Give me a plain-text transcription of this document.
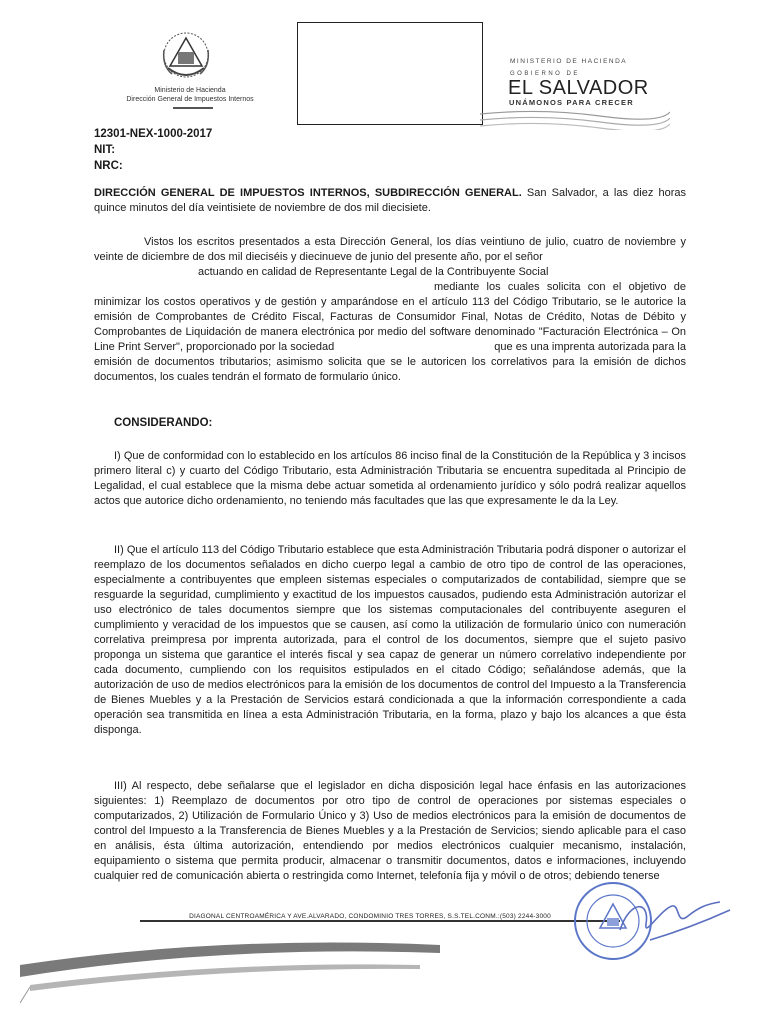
Ministerio de Hacienda
Dirección General de Impuestos Internos
MINISTERIO DE HACIENDA
GOBIERNO DE
EL SALVADOR
UNÁMONOS PARA CRECER
12301-NEX-1000-2017
NIT:
NRC:
DIRECCIÓN GENERAL DE IMPUESTOS INTERNOS, SUBDIRECCIÓN GENERAL. San Salvador, a las diez horas quince minutos del día veintisiete de noviembre de dos mil diecisiete.
Vistos los escritos presentados a esta Dirección General, los días veintiuno de julio, cuatro de noviembre y veinte de diciembre de dos mil dieciséis y diecinueve de junio del presente año, por el señor
actuando en calidad de Representante Legal de la Contribuyente Social
mediante los cuales solicita con el objetivo de minimizar los costos operativos y de gestión y amparándose en el artículo 113 del Código Tributario, se le autorice la emisión de Comprobantes de Crédito Fiscal, Facturas de Consumidor Final, Notas de Crédito, Notas de Débito y Comprobantes de Liquidación de manera electrónica por medio del software denominado "Facturación Electrónica – On Line Print Server", proporcionado por la sociedad	que es una imprenta autorizada para la emisión de documentos tributarios; asimismo solicita que se le autoricen los correlativos para la emisión de dichos documentos, los cuales tendrán el formato de formulario único.
CONSIDERANDO:
I) Que de conformidad con lo establecido en los artículos 86 inciso final de la Constitución de la República y 3 incisos primero literal c) y cuarto del Código Tributario, esta Administración Tributaria se encuentra supeditada al Principio de Legalidad, el cual establece que la misma debe actuar sometida al ordenamiento jurídico y sólo podrá realizar aquellos actos que autorice dicho ordenamiento, no teniendo más facultades que las que expresamente le da la Ley.
II) Que el artículo 113 del Código Tributario establece que esta Administración Tributaria podrá disponer o autorizar el reemplazo de los documentos señalados en dicho cuerpo legal a cambio de otro tipo de control de las operaciones, especialmente a contribuyentes que empleen sistemas especiales o computarizados de contabilidad, siempre que se resguarde la seguridad, cumplimiento y exactitud de los impuestos causados, pudiendo esta Administración autorizar el uso electrónico de tales documentos siempre que los sistemas computacionales del contribuyente aseguren el cumplimiento y veracidad de los impuestos que se causen, así como la utilización de formulario único con numeración correlativa preimpresa por imprenta autorizada, para el control de los documentos, siempre que el sujeto pasivo proponga un sistema que garantice el interés fiscal y sea capaz de generar un número correlativo independiente por cada documento, cumpliendo con los requisitos estipulados en el citado Código; señalándose además, que la autorización de uso de medios electrónicos para la emisión de los documentos de control del Impuesto a la Transferencia de Bienes Muebles y a la Prestación de Servicios estará condicionada a que la información correspondiente a cada operación sea transmitida en línea a esta Administración Tributaria, en la forma, plazo y bajo los alcances a que ésta disponga.
III) Al respecto, debe señalarse que el legislador en dicha disposición legal hace énfasis en las autorizaciones siguientes: 1) Reemplazo de documentos por otro tipo de control de operaciones por sistemas especiales o computarizados, 2) Utilización de Formulario Único y 3) Uso de medios electrónicos para la emisión de documentos de control del Impuesto a la Transferencia de Bienes Muebles y a la Prestación de Servicios; siendo aplicable para el caso en análisis, ésta última autorización, entendiendo por medios electrónicos cualquier mecanismo, instalación, equipamiento o sistema que permita producir, almacenar o transmitir documentos, datos e informaciones, incluyendo cualquier red de comunicación abierta o restringida como Internet, telefonía fija y móvil o de otros; debiendo tenerse
DIAGONAL CENTROAMÉRICA Y AVE.ALVARADO, CONDOMINIO TRES TORRES, S.S.TEL.CONM.:(503) 2244-3000
